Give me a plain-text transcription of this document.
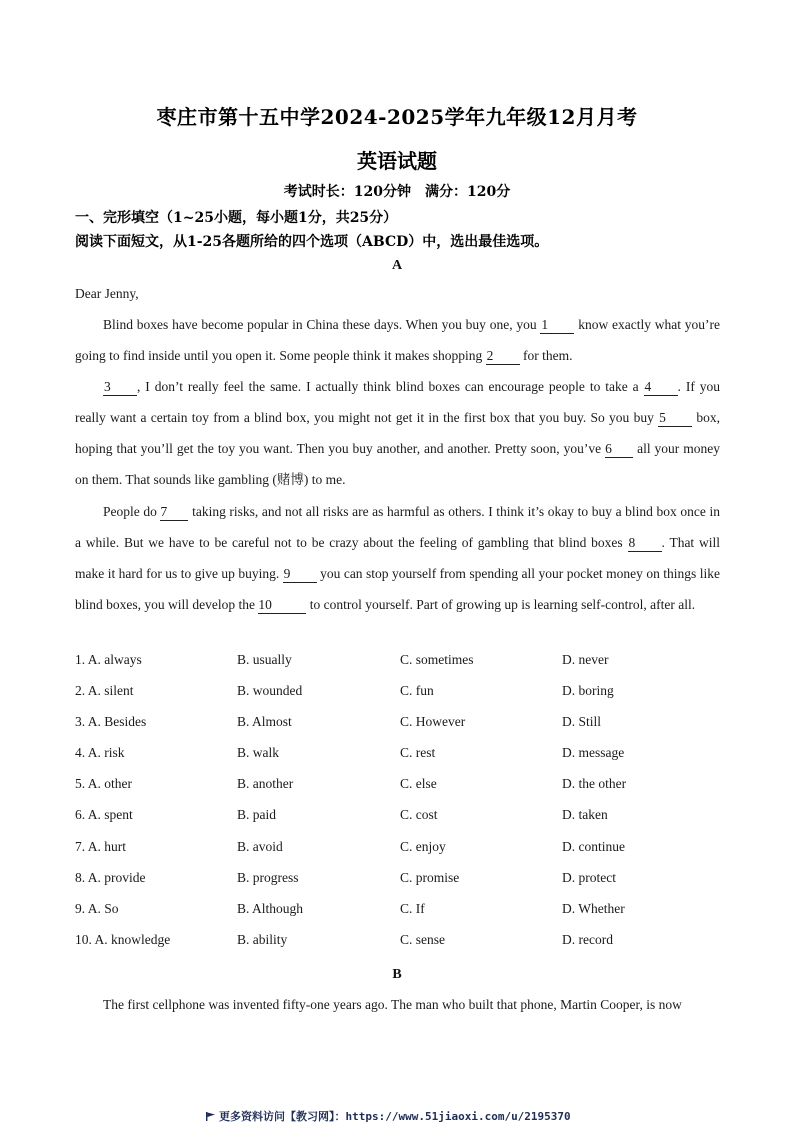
枣庄市第十五中学2024-2025学年九年级12月月考
英语试题
考试时长：120分钟　满分：120分
一、完形填空（1~25小题，每小题1分，共25分）
阅读下面短文，从1-25各题所给的四个选项（ABCD）中，选出最佳选项。
A
Dear Jenny,

Blind boxes have become popular in China these days. When you buy one, you 1 know exactly what you’re going to find inside until you open it. Some people think it makes shopping 2 for them.

3 , I don’t really feel the same. I actually think blind boxes can encourage people to take a 4 . If you really want a certain toy from a blind box, you might not get it in the first box that you buy. So you buy 5 box, hoping that you’ll get the toy you want. Then you buy another, and another. Pretty soon, you’ve 6 all your money on them. That sounds like gambling (赌博) to me.

People do 7 taking risks, and not all risks are as harmful as others. I think it’s okay to buy a blind box once in a while. But we have to be careful not to be crazy about the feeling of gambling that blind boxes 8 . That will make it hard for us to give up buying. 9 you can stop yourself from spending all your pocket money on things like blind boxes, you will develop the 10	to control yourself. Part of growing up is learning self-control, after all.

1. A. always	B. usually	C. sometimes	D. never
2. A. silent	B. wounded	C. fun	D. boring
3. A. Besides	B. Almost	C. However	D. Still
4. A. risk	B. walk	C. rest	D. message
5. A. other	B. another	C. else	D. the other
6. A. spent	B. paid	C. cost	D. taken
7. A. hurt	B. avoid	C. enjoy	D. continue
8. A. provide	B. progress	C. promise	D. protect
9. A. So	B. Although	C. If	D. Whether
10. A. knowledge	B. ability	C. sense	D. record
B

The first cellphone was invented fifty-one years ago. The man who built that phone, Martin Cooper, is now

更多资料访问【教习网】：https://www.51jiaoxi.com/u/2195370
